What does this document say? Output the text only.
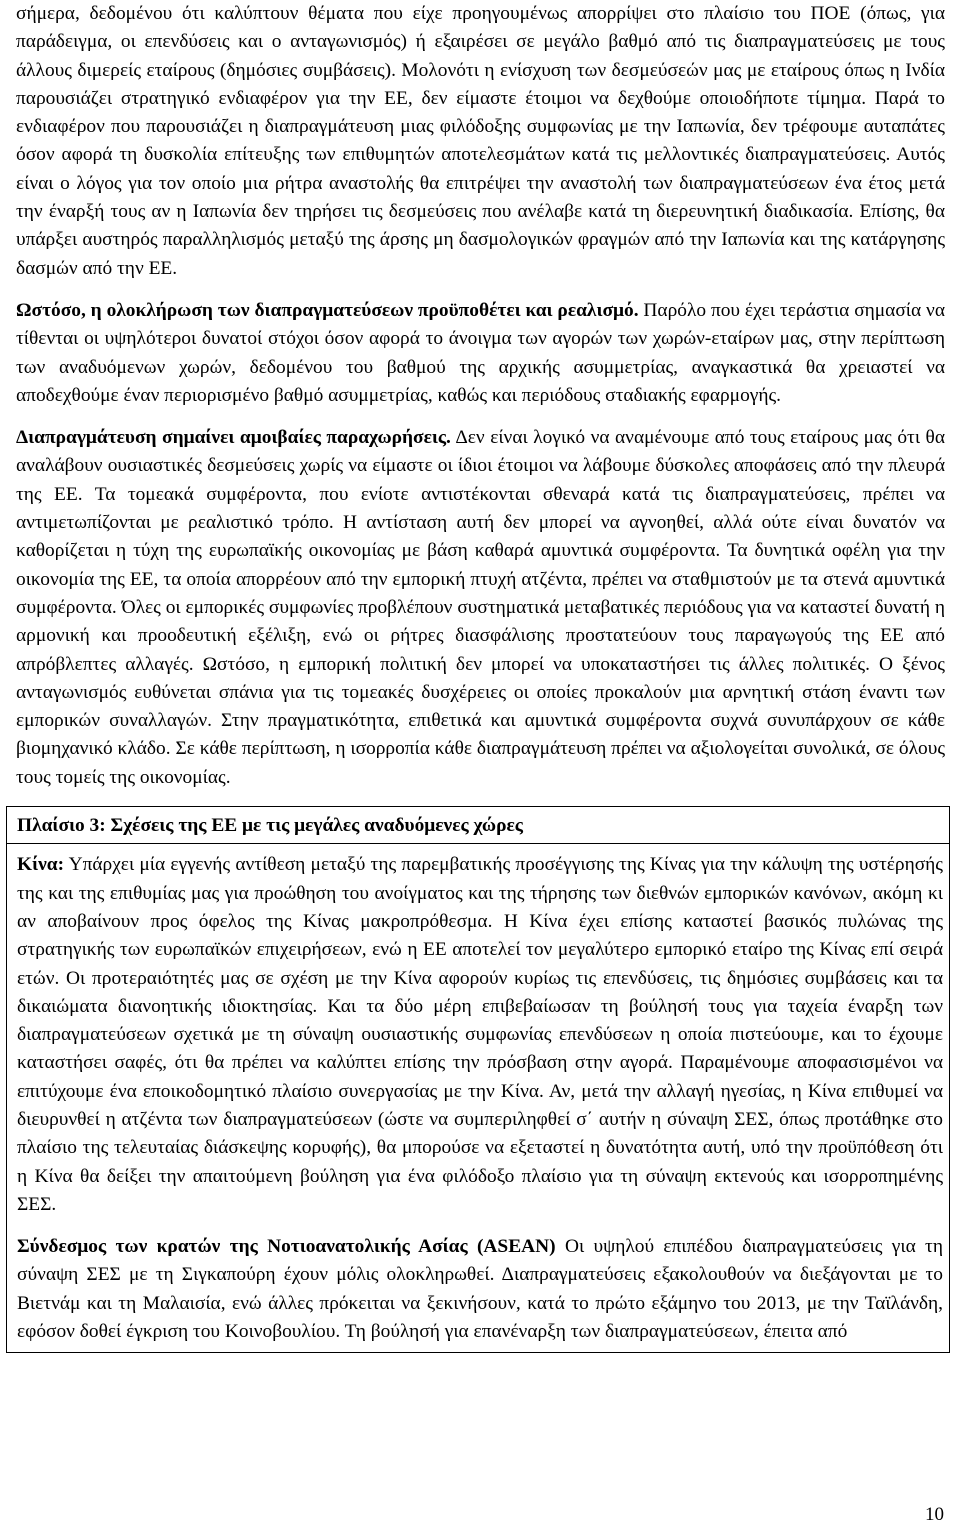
σήμερα, δεδομένου ότι καλύπτουν θέματα που είχε προηγουμένως απορρίψει στο πλαίσιο του ΠΟΕ (όπως, για παράδειγμα, οι επενδύσεις και ο ανταγωνισμός) ή εξαιρέσει σε μεγάλο βαθμό από τις διαπραγματεύσεις με τους άλλους διμερείς εταίρους (δημόσιες συμβάσεις). Μολονότι η ενίσχυση των δεσμεύσεών μας με εταίρους όπως η Ινδία παρουσιάζει στρατηγικό ενδιαφέρον για την ΕΕ, δεν είμαστε έτοιμοι να δεχθούμε οποιοδήποτε τίμημα. Παρά το ενδιαφέρον που παρουσιάζει η διαπραγμάτευση μιας φιλόδοξης συμφωνίας με την Ιαπωνία, δεν τρέφουμε αυταπάτες όσον αφορά τη δυσκολία επίτευξης των επιθυμητών αποτελεσμάτων κατά τις μελλοντικές διαπραγματεύσεις. Αυτός είναι ο λόγος για τον οποίο μια ρήτρα αναστολής θα επιτρέψει την αναστολή των διαπραγματεύσεων ένα έτος μετά την έναρξή τους αν η Ιαπωνία δεν τηρήσει τις δεσμεύσεις που ανέλαβε κατά τη διερευνητική διαδικασία. Επίσης, θα υπάρξει αυστηρός παραλληλισμός μεταξύ της άρσης μη δασμολογικών φραγμών από την Ιαπωνία και της κατάργησης δασμών από την ΕΕ.

Ωστόσο, η ολοκλήρωση των διαπραγματεύσεων προϋποθέτει και ρεαλισμό. Παρόλο που έχει τεράστια σημασία να τίθενται οι υψηλότεροι δυνατοί στόχοι όσον αφορά το άνοιγμα των αγορών των χωρών-εταίρων μας, στην περίπτωση των αναδυόμενων χωρών, δεδομένου του βαθμού της αρχικής ασυμμετρίας, αναγκαστικά θα χρειαστεί να αποδεχθούμε έναν περιορισμένο βαθμό ασυμμετρίας, καθώς και περιόδους σταδιακής εφαρμογής.

Διαπραγμάτευση σημαίνει αμοιβαίες παραχωρήσεις. Δεν είναι λογικό να αναμένουμε από τους εταίρους μας ότι θα αναλάβουν ουσιαστικές δεσμεύσεις χωρίς να είμαστε οι ίδιοι έτοιμοι να λάβουμε δύσκολες αποφάσεις από την πλευρά της ΕΕ. Τα τομεακά συμφέροντα, που ενίοτε αντιστέκονται σθεναρά κατά τις διαπραγματεύσεις, πρέπει να αντιμετωπίζονται με ρεαλιστικό τρόπο. Η αντίσταση αυτή δεν μπορεί να αγνοηθεί, αλλά ούτε είναι δυνατόν να καθορίζεται η τύχη της ευρωπαϊκής οικονομίας με βάση καθαρά αμυντικά συμφέροντα. Τα δυνητικά οφέλη για την οικονομία της ΕΕ, τα οποία απορρέουν από την εμπορική πτυχή ατζέντα, πρέπει να σταθμιστούν με τα στενά αμυντικά συμφέροντα. Όλες οι εμπορικές συμφωνίες προβλέπουν συστηματικά μεταβατικές περιόδους για να καταστεί δυνατή η αρμονική και προοδευτική εξέλιξη, ενώ οι ρήτρες διασφάλισης προστατεύουν τους παραγωγούς της ΕΕ από απρόβλεπτες αλλαγές. Ωστόσο, η εμπορική πολιτική δεν μπορεί να υποκαταστήσει τις άλλες πολιτικές. Ο ξένος ανταγωνισμός ευθύνεται σπάνια για τις τομεακές δυσχέρειες οι οποίες προκαλούν μια αρνητική στάση έναντι των εμπορικών συναλλαγών. Στην πραγματικότητα, επιθετικά και αμυντικά συμφέροντα συχνά συνυπάρχουν σε κάθε βιομηχανικό κλάδο. Σε κάθε περίπτωση, η ισορροπία κάθε διαπραγμάτευση πρέπει να αξιολογείται συνολικά, σε όλους τους τομείς της οικονομίας.

Πλαίσιο 3: Σχέσεις της ΕΕ με τις μεγάλες αναδυόμενες χώρες

Κίνα: Υπάρχει μία εγγενής αντίθεση μεταξύ της παρεμβατικής προσέγγισης της Κίνας για την κάλυψη της υστέρησής της και της επιθυμίας μας για προώθηση του ανοίγματος και της τήρησης των διεθνών εμπορικών κανόνων, ακόμη κι αν αποβαίνουν προς όφελος της Κίνας μακροπρόθεσμα. Η Κίνα έχει επίσης καταστεί βασικός πυλώνας της στρατηγικής των ευρωπαϊκών επιχειρήσεων, ενώ η ΕΕ αποτελεί τον μεγαλύτερο εμπορικό εταίρο της Κίνας επί σειρά ετών. Οι προτεραιότητές μας σε σχέση με την Κίνα αφορούν κυρίως τις επενδύσεις, τις δημόσιες συμβάσεις και τα δικαιώματα διανοητικής ιδιοκτησίας. Και τα δύο μέρη επιβεβαίωσαν τη βούλησή τους για ταχεία έναρξη των διαπραγματεύσεων σχετικά με τη σύναψη ουσιαστικής συμφωνίας επενδύσεων η οποία πιστεύουμε, και το έχουμε καταστήσει σαφές, ότι θα πρέπει να καλύπτει επίσης την πρόσβαση στην αγορά. Παραμένουμε αποφασισμένοι να επιτύχουμε ένα εποικοδομητικό πλαίσιο συνεργασίας με την Κίνα. Αν, μετά την αλλαγή ηγεσίας, η Κίνα επιθυμεί να διευρυνθεί η ατζέντα των διαπραγματεύσεων (ώστε να συμπεριληφθεί σ΄ αυτήν η σύναψη ΣΕΣ, όπως προτάθηκε στο πλαίσιο της τελευταίας διάσκεψης κορυφής), θα μπορούσε να εξεταστεί η δυνατότητα αυτή, υπό την προϋπόθεση ότι η Κίνα θα δείξει την απαιτούμενη βούληση για ένα φιλόδοξο πλαίσιο για τη σύναψη εκτενούς και ισορροπημένης ΣΕΣ.

Σύνδεσμος των κρατών της Νοτιοανατολικής Ασίας (ASEAN) Οι υψηλού επιπέδου διαπραγματεύσεις για τη σύναψη ΣΕΣ με τη Σιγκαπούρη έχουν μόλις ολοκληρωθεί. Διαπραγματεύσεις εξακολουθούν να διεξάγονται με το Βιετνάμ και τη Μαλαισία, ενώ άλλες πρόκειται να ξεκινήσουν, κατά το πρώτο εξάμηνο του 2013, με την Ταϊλάνδη, εφόσον δοθεί έγκριση του Κοινοβουλίου. Τη βούλησή για επανέναρξη των διαπραγματεύσεων, έπειτα από

10
